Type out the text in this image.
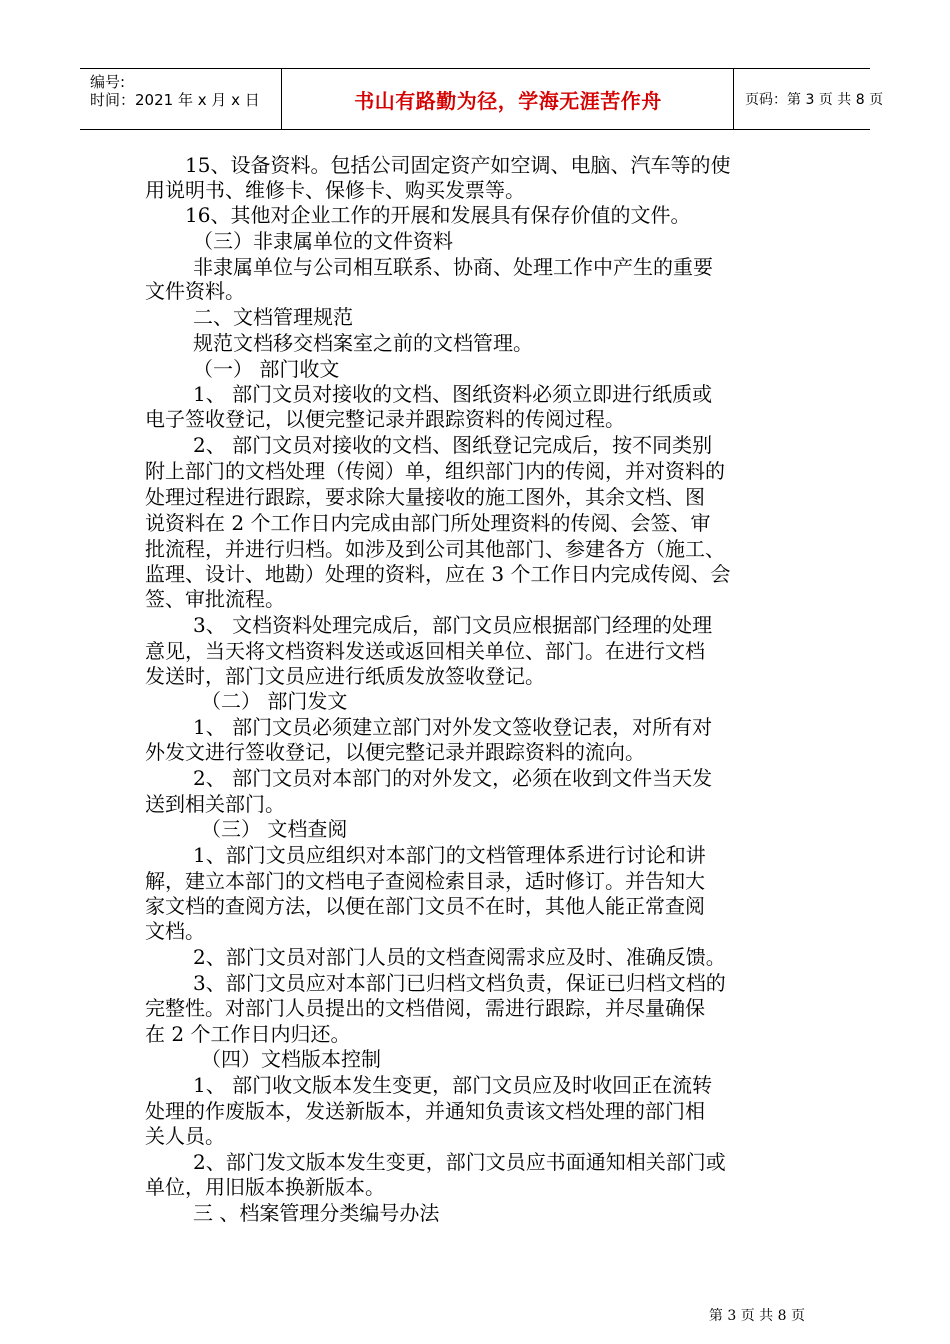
编号:
时间：2021 年 x 月 x 日	书山有路勤为径，学海无涯苦作舟	页码：第 3 页 共 8 页
15、设备资料。包括公司固定资产如空调、电脑、汽车等的使
用说明书、维修卡、保修卡、购买发票等。
16、其他对企业工作的开展和发展具有保存价值的文件。
（三）非隶属单位的文件资料
非隶属单位与公司相互联系、协商、处理工作中产生的重要
文件资料。
二、文档管理规范
规范文档移交档案室之前的文档管理。
（一） 部门收文
1、 部门文员对接收的文档、图纸资料必须立即进行纸质或
电子签收登记，以便完整记录并跟踪资料的传阅过程。
2、 部门文员对接收的文档、图纸登记完成后，按不同类别
附上部门的文档处理（传阅）单，组织部门内的传阅，并对资料的
处理过程进行跟踪，要求除大量接收的施工图外，其余文档、图
说资料在 2 个工作日内完成由部门所处理资料的传阅、会签、审
批流程，并进行归档。如涉及到公司其他部门、参建各方（施工、
监理、设计、地勘）处理的资料，应在 3 个工作日内完成传阅、会
签、审批流程。
3、 文档资料处理完成后，部门文员应根据部门经理的处理
意见，当天将文档资料发送或返回相关单位、部门。在进行文档
发送时，部门文员应进行纸质发放签收登记。
（二） 部门发文
1、 部门文员必须建立部门对外发文签收登记表，对所有对
外发文进行签收登记，以便完整记录并跟踪资料的流向。
2、 部门文员对本部门的对外发文，必须在收到文件当天发
送到相关部门。
（三） 文档查阅
1、部门文员应组织对本部门的文档管理体系进行讨论和讲
解，建立本部门的文档电子查阅检索目录，适时修订。并告知大
家文档的查阅方法，以便在部门文员不在时，其他人能正常查阅
文档。
2、部门文员对部门人员的文档查阅需求应及时、准确反馈。
3、部门文员应对本部门已归档文档负责，保证已归档文档的
完整性。对部门人员提出的文档借阅，需进行跟踪，并尽量确保
在 2 个工作日内归还。
（四）文档版本控制
1、 部门收文版本发生变更，部门文员应及时收回正在流转
处理的作废版本，发送新版本，并通知负责该文档处理的部门相
关人员。
2、部门发文版本发生变更，部门文员应书面通知相关部门或
单位，用旧版本换新版本。
三 、档案管理分类编号办法
第 3 页 共 8 页
